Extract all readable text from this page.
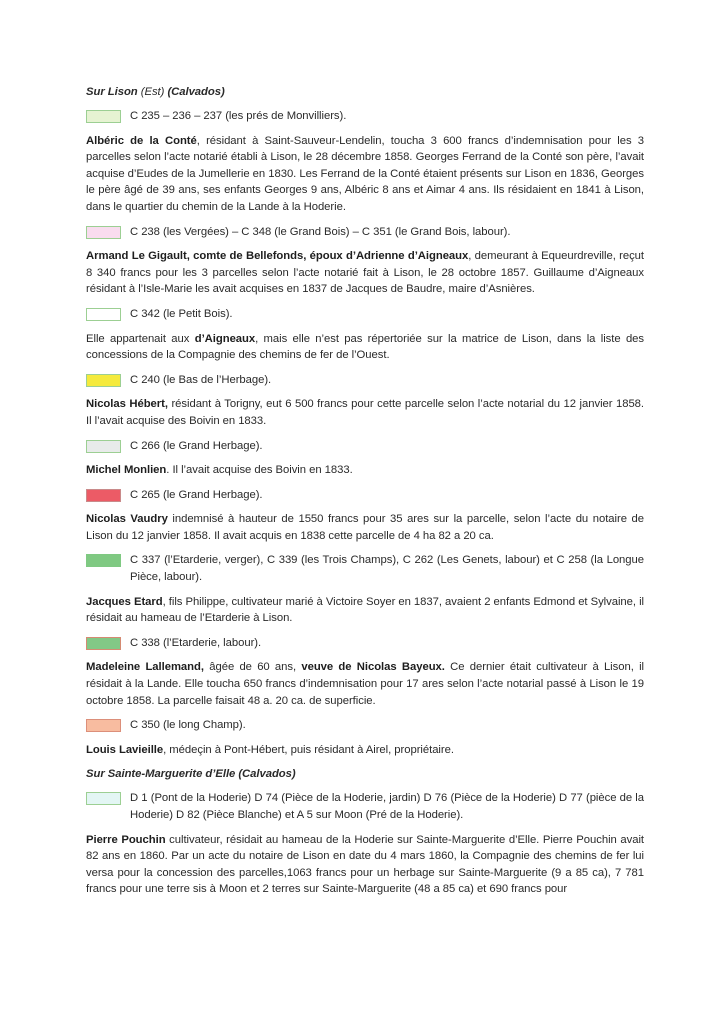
Sur Lison (Est) (Calvados)
C 235 – 236 – 237 (les prés de Monvilliers).

Albéric de la Conté, résidant à Saint-Sauveur-Lendelin, toucha 3 600 francs d’indemnisation pour les 3 parcelles selon l’acte notarié établi à Lison, le 28 décembre 1858. Georges Ferrand de la Conté son père, l’avait acquise d’Eudes de la Jumellerie en 1830. Les Ferrand de la Conté étaient présents sur Lison en 1836, Georges le père âgé de 39 ans, ses enfants Georges 9 ans, Albéric 8 ans et Aimar 4 ans. Ils résidaient en 1841 à Lison, dans le quartier du chemin de la Lande à la Hoderie.

C 238 (les Vergées) – C 348 (le Grand Bois) – C 351 (le Grand Bois, labour).

Armand Le Gigault, comte de Bellefonds, époux d’Adrienne d’Aigneaux, demeurant à Equeurdreville, reçut 8 340 francs pour les 3 parcelles selon l’acte notarié fait à Lison, le 28 octobre 1857. Guillaume d’Aigneaux résidant à l’Isle-Marie les avait acquises en 1837 de Jacques de Baudre, maire d’Asnières.

C 342 (le Petit Bois).

Elle appartenait aux d’Aigneaux, mais elle n’est pas répertoriée sur la matrice de Lison, dans la liste des concessions de la Compagnie des chemins de fer de l’Ouest.

C 240 (le Bas de l’Herbage).

Nicolas Hébert, résidant à Torigny, eut 6 500 francs pour cette parcelle selon l’acte notarial du 12 janvier 1858. Il l’avait acquise des Boivin en 1833.

C 266 (le Grand Herbage).

Michel Monlien. Il l’avait acquise des Boivin en 1833.

C 265 (le Grand Herbage).

Nicolas Vaudry indemnisé à hauteur de 1550 francs pour 35 ares sur la parcelle, selon l’acte du notaire de Lison du 12 janvier 1858. Il avait acquis en 1838 cette parcelle de 4 ha 82 a 20 ca.

C 337 (l’Etarderie, verger), C 339 (les Trois Champs), C 262 (Les Genets, labour) et C 258 (la Longue Pièce, labour).

Jacques Etard, fils Philippe, cultivateur marié à Victoire Soyer en 1837, avaient 2 enfants Edmond et Sylvaine, il résidait au hameau de l’Etarderie à Lison.

C 338 (l’Etarderie, labour).

Madeleine Lallemand, âgée de 60 ans, veuve de Nicolas Bayeux. Ce dernier était cultivateur à Lison, il résidait à la Lande. Elle toucha 650 francs d’indemnisation pour 17 ares selon l’acte notarial passé à Lison le 19 octobre 1858. La parcelle faisait 48 a. 20 ca. de superficie.

C 350 (le long Champ).

Louis Lavieille, médeçin à Pont-Hébert, puis résidant à Airel, propriétaire.

Sur Sainte-Marguerite d’Elle (Calvados)
D 1 (Pont de la Hoderie) D 74 (Pièce de la Hoderie, jardin) D 76 (Pièce de la Hoderie) D 77 (pièce de la Hoderie) D 82 (Pièce Blanche) et A 5 sur Moon (Pré de la Hoderie).

Pierre Pouchin cultivateur, résidait au hameau de la Hoderie sur Sainte-Marguerite d’Elle. Pierre Pouchin avait 82 ans en 1860. Par un acte du notaire de Lison en date du 4 mars 1860, la Compagnie des chemins de fer lui versa pour la concession des parcelles,1063 francs pour un herbage sur Sainte-Marguerite (9 a 85 ca), 7 781 francs pour une terre sis à Moon et 2 terres sur Sainte-Marguerite (48 a 85 ca) et 690 francs pour
